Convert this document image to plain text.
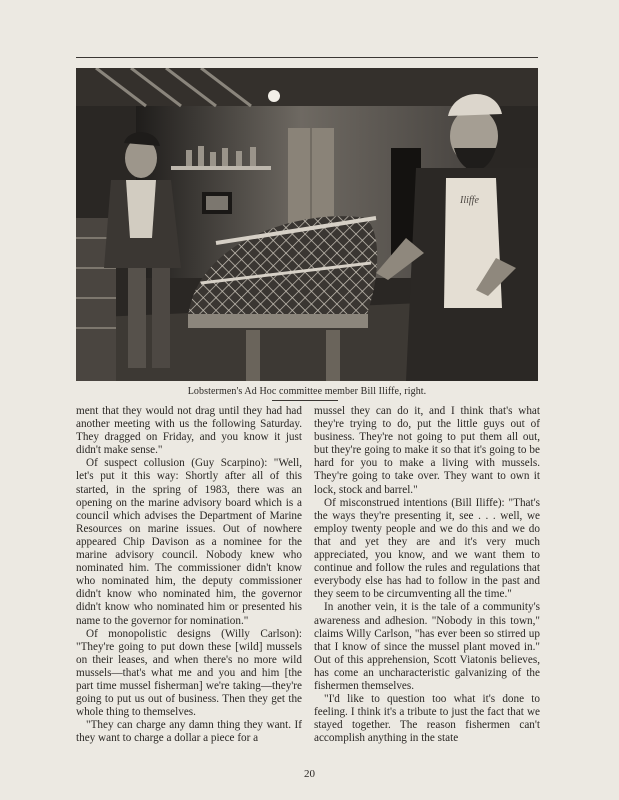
Iliffe
Lobstermen's Ad Hoc committee member Bill Iliffe, right.

ment that they would not drag until they had had another meeting with us the following Saturday. They dragged on Friday, and you know it just didn't make sense."

Of suspect collusion (Guy Scarpino): "Well, let's put it this way: Shortly after all of this started, in the spring of 1983, there was an opening on the marine advisory board which is a council which advises the Department of Marine Resources on marine issues. Out of nowhere appeared Chip Davison as a nominee for the marine advisory council. Nobody knew who nominated him. The commissioner didn't know who nominated him, the deputy commissioner didn't know who nominated him, the governor didn't know who nominated him or presented his name to the governor for nomination."

Of monopolistic designs (Willy Carlson): "They're going to put down these [wild] mussels on their leases, and when there's no more wild mussels—that's what me and you and him [the part time mussel fisherman] we're taking—they're going to put us out of business. Then they get the whole thing to themselves.

"They can charge any damn thing they want. If they want to charge a dollar a piece for a

mussel they can do it, and I think that's what they're trying to do, put the little guys out of business. They're not going to put them all out, but they're going to make it so that it's going to be hard for you to make a living with mussels. They're going to take over. They want to own it lock, stock and barrel."

Of misconstrued intentions (Bill Iliffe): "That's the ways they're presenting it, see . . . well, we employ twenty people and we do this and we do that and yet they are and it's very much appreciated, you know, and we want them to continue and follow the rules and regulations that everybody else has had to follow in the past and they seem to be circumventing all the time."

In another vein, it is the tale of a community's awareness and adhesion. "Nobody in this town," claims Willy Carlson, "has ever been so stirred up that I know of since the mussel plant moved in." Out of this apprehension, Scott Viatonis believes, has come an uncharacteristic galvanizing of the fishermen themselves.

"I'd like to question too what it's done to feeling. I think it's a tribute to just the fact that we stayed together. The reason fishermen can't accomplish anything in the state

20
